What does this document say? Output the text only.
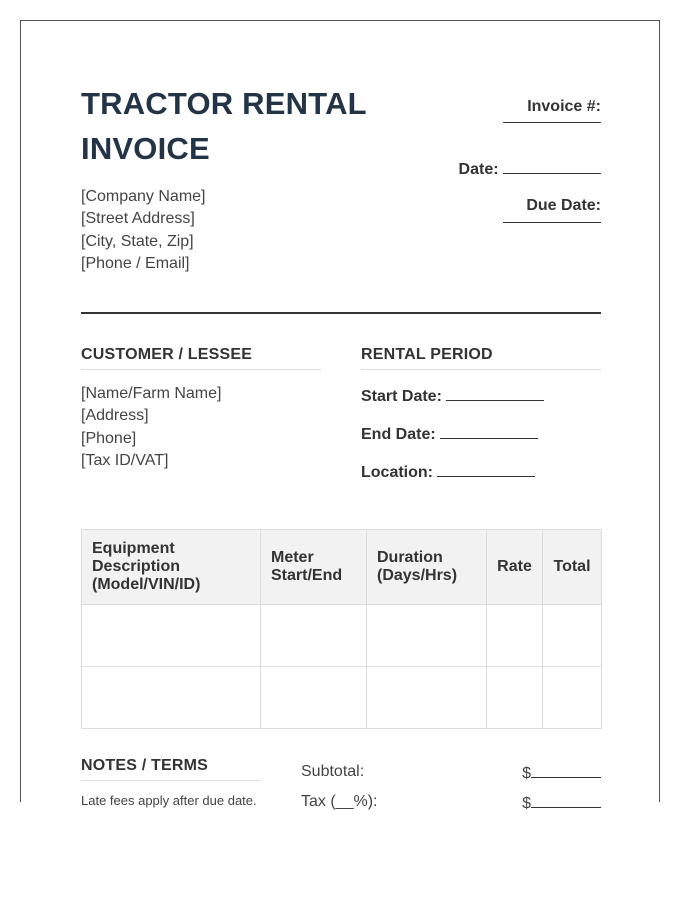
TRACTOR RENTAL INVOICE
[Company Name]
[Street Address]
[City, State, Zip]
[Phone / Email]
Invoice #:
Date:
Due Date:
CUSTOMER / LESSEE
[Name/Farm Name]
[Address]
[Phone]
[Tax ID/VAT]
RENTAL PERIOD
Start Date:
End Date:
Location:
Equipment Description (Model/VIN/ID)	Meter Start/End	Duration (Days/Hrs)	Rate	Total

NOTES / TERMS
Late fees apply after due date.
Subtotal:	$
Tax (__%):	$
